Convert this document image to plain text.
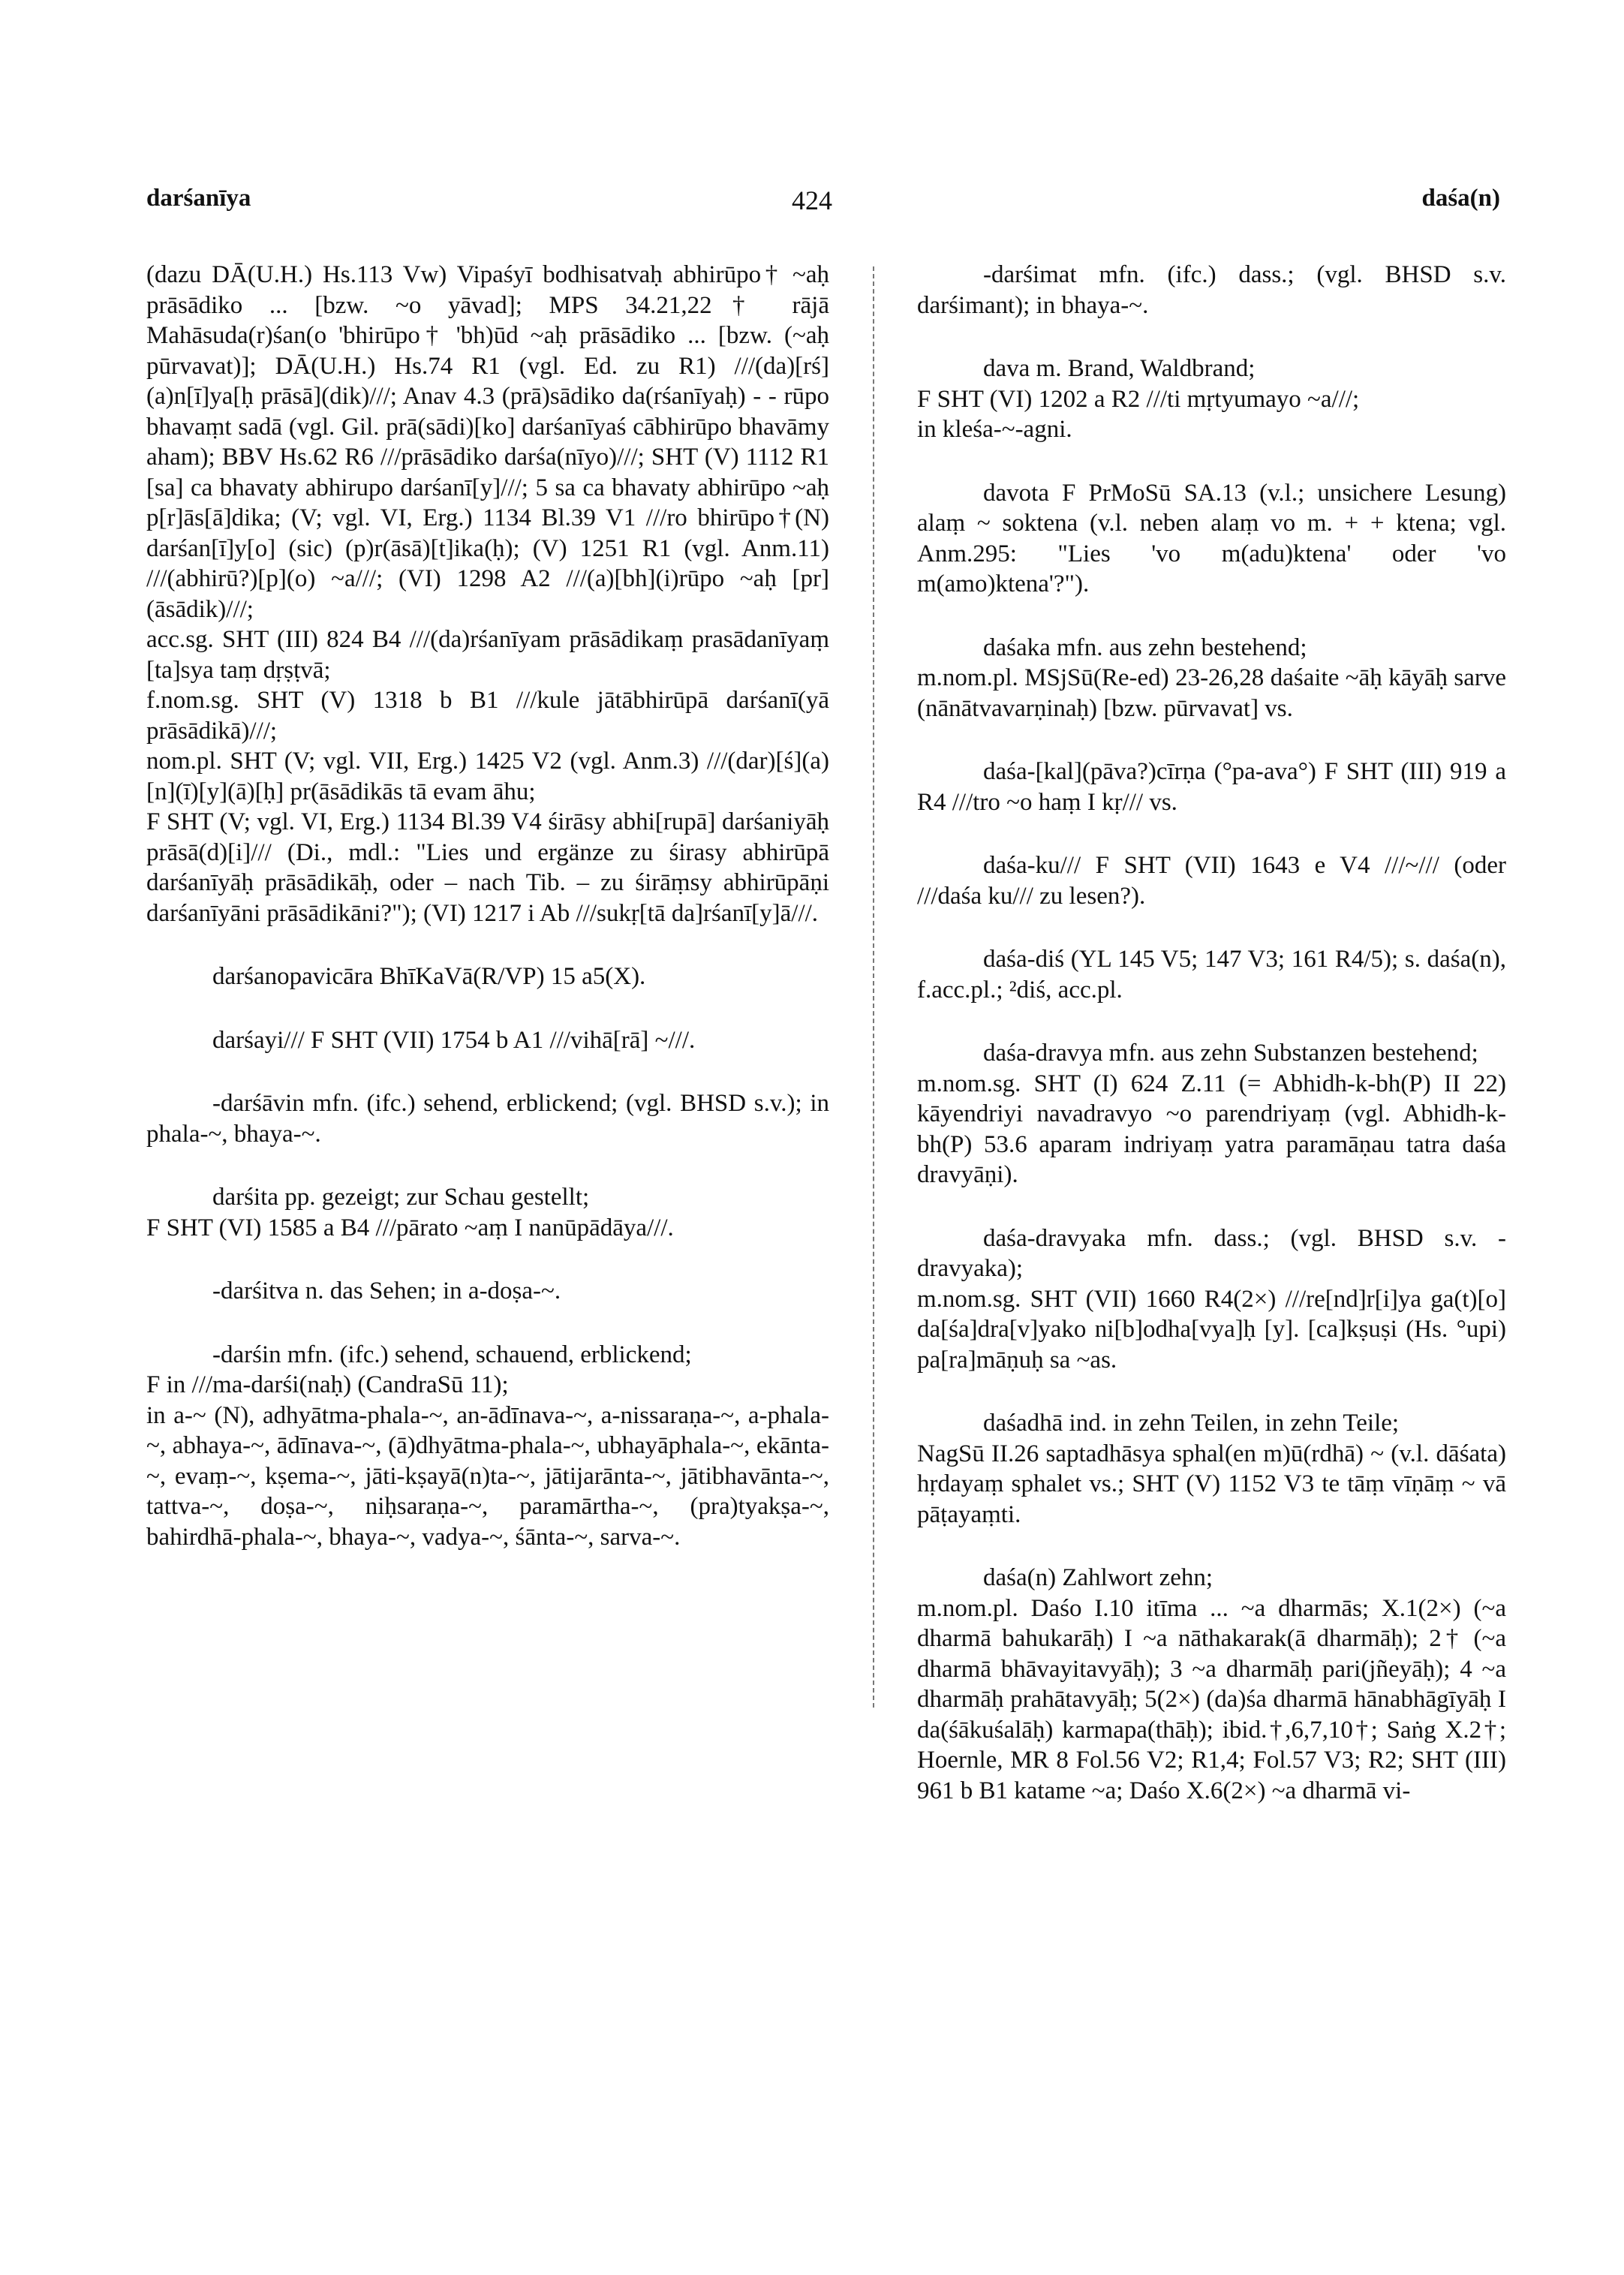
darśanīya	424	daśa(n)

(dazu DĀ(U.H.) Hs.113 Vw) Vipaśyī bodhisatvaḥ abhirūpo† ~aḥ prāsādiko ... [bzw. ~o yāvad]; MPS 34.21,22† rājā Mahāsuda(r)śan(o 'bhirūpo† 'bh)ūd ~aḥ prāsādiko ... [bzw. (~aḥ pūrvavat)]; DĀ(U.H.) Hs.74 R1 (vgl. Ed. zu R1) ///(da)[rś](a)n[ī]ya[ḥ prāsā](dik)///; Anav 4.3 (prā)sādiko da(rśanīyaḥ) - - rūpo bhavaṃt sadā (vgl. Gil. prā(sādi)[ko] darśanīyaś cābhirūpo bhavāmy aham); BBV Hs.62 R6 ///prāsādiko darśa(nīyo)///; SHT (V) 1112 R1 [sa] ca bhavaty abhirupo darśanī[y]///; 5 sa ca bhavaty abhirūpo ~aḥ p[r]ās[ā]dika; (V; vgl. VI, Erg.) 1134 Bl.39 V1 ///ro bhirūpo†(N) darśan[ī]y[o] (sic) (p)r(āsā)[t]ika(ḥ); (V) 1251 R1 (vgl. Anm.11) ///(abhirū?)[p](o) ~a///; (VI) 1298 A2 ///(a)[bh](i)rūpo ~aḥ [pr](āsādik)///;

acc.sg. SHT (III) 824 B4 ///(da)rśanīyam prāsādikaṃ prasādanīyaṃ [ta]sya taṃ dṛṣṭvā;

f.nom.sg. SHT (V) 1318 b B1 ///kule jātābhirūpā darśanī(yā prāsādikā)///;

nom.pl. SHT (V; vgl. VII, Erg.) 1425 V2 (vgl. Anm.3) ///(dar)[ś](a)[n](ī)[y](ā)[ḥ] pr(āsādikās tā evam āhu;

F SHT (V; vgl. VI, Erg.) 1134 Bl.39 V4 śirāsy abhi[rupā] darśaniyāḥ prāsā(d)[i]/// (Di., mdl.: "Lies und ergänze zu śirasy abhirūpā darśanīyāḥ prāsādikāḥ, oder – nach Tib. – zu śirāṃsy abhirūpāṇi darśanīyāni prāsādikāni?"); (VI) 1217 i Ab ///sukṛ[tā da]rśanī[y]ā///.

darśanopavicāra BhīKaVā(R/VP) 15 a5(X).

darśayi/// F SHT (VII) 1754 b A1 ///vihā[rā] ~///.

-darśāvin mfn. (ifc.) sehend, erblickend; (vgl. BHSD s.v.); in phala-~, bhaya-~.

darśita pp. gezeigt; zur Schau gestellt;

F SHT (VI) 1585 a B4 ///pārato ~aṃ I nanūpādāya///.

-darśitva n. das Sehen; in a-doṣa-~.

-darśin mfn. (ifc.) sehend, schauend, erblickend;

F in ///ma-darśi(naḥ) (CandraSū 11);

in a-~ (N), adhyātma-phala-~, an-ādīnava-~, a-nissaraṇa-~, a-phala-~, abhaya-~, ādīnava-~, (ā)dhyātma-phala-~, ubhayāphala-~, ekānta-~, evaṃ-~, kṣema-~, jāti-kṣayā(n)ta-~, jātijarānta-~, jātibhavānta-~, tattva-~, doṣa-~, niḥsaraṇa-~, paramārtha-~, (pra)tyakṣa-~, bahirdhā-phala-~, bhaya-~, vadya-~, śānta-~, sarva-~.

-darśimat mfn. (ifc.) dass.; (vgl. BHSD s.v. darśimant); in bhaya-~.

dava m. Brand, Waldbrand;

F SHT (VI) 1202 a R2 ///ti mṛtyumayo ~a///;

in kleśa-~-agni.

davota F PrMoSū SA.13 (v.l.; unsichere Lesung) alaṃ ~ soktena (v.l. neben alaṃ vo m. + + ktena; vgl. Anm.295: "Lies 'vo m(adu)ktena' oder 'vo m(amo)ktena'?").

daśaka mfn. aus zehn bestehend;

m.nom.pl. MSjSū(Re-ed) 23-26,28 daśaite ~āḥ kāyāḥ sarve (nānātvavarṇinaḥ) [bzw. pūrvavat] vs.

daśa-[kal](pāva?)cīrṇa (°pa-ava°) F SHT (III) 919 a R4 ///tro ~o haṃ I kṛ/// vs.

daśa-ku/// F SHT (VII) 1643 e V4 ///~/// (oder ///daśa ku/// zu lesen?).

daśa-diś (YL 145 V5; 147 V3; 161 R4/5); s. daśa(n), f.acc.pl.; ²diś, acc.pl.

daśa-dravya mfn. aus zehn Substanzen bestehend;

m.nom.sg. SHT (I) 624 Z.11 (= Abhidh-k-bh(P) II 22) kāyendriyi navadravyo ~o parendriyaṃ (vgl. Abhidh-k-bh(P) 53.6 aparam indriyaṃ yatra paramāṇau tatra daśa dravyāṇi).

daśa-dravyaka mfn. dass.; (vgl. BHSD s.v. -dravyaka);

m.nom.sg. SHT (VII) 1660 R4(2×) ///re[nd]r[i]ya ga(t)[o] da[śa]dra[v]yako ni[b]odha[vya]ḥ [y]. [ca]kṣuṣi (Hs. °upi) pa[ra]māṇuḥ sa ~as.

daśadhā ind. in zehn Teilen, in zehn Teile;

NagSū II.26 saptadhāsya sphal(en m)ū(rdhā) ~ (v.l. dāśata) hṛdayaṃ sphalet vs.; SHT (V) 1152 V3 te tāṃ vīṇāṃ ~ vā pāṭayaṃti.

daśa(n) Zahlwort zehn;

m.nom.pl. Daśo I.10 itīma ... ~a dharmās; X.1(2×) (~a dharmā bahukarāḥ) I ~a nāthakarak(ā dharmāḥ); 2† (~a dharmā bhāvayitavyāḥ); 3 ~a dharmāḥ pari(jñeyāḥ); 4 ~a dharmāḥ prahātavyāḥ; 5(2×) (da)śa dharmā hānabhāgīyāḥ I da(śākuśalāḥ) karmapa(thāḥ); ibid.†,6,7,10†; Saṅg X.2†; Hoernle, MR 8 Fol.56 V2; R1,4; Fol.57 V3; R2; SHT (III) 961 b B1 katame ~a; Daśo X.6(2×) ~a dharmā vi-
